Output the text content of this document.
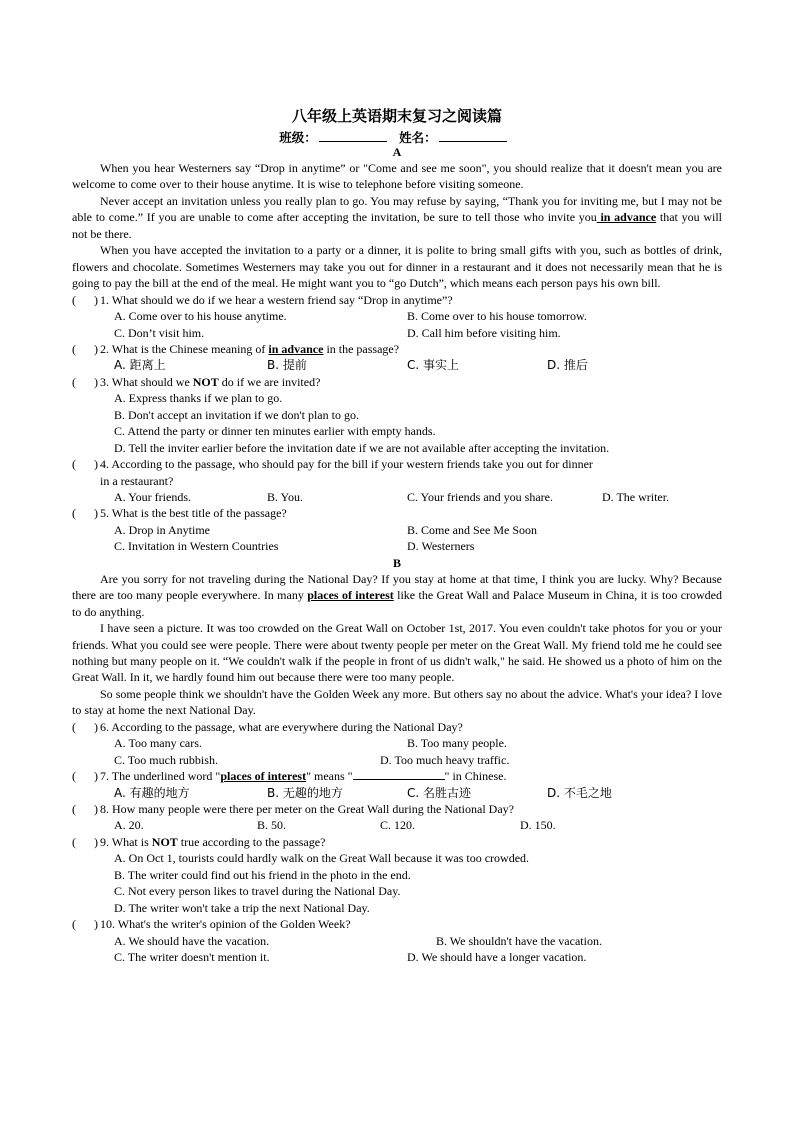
八年级上英语期末复习之阅读篇
班级：	姓名：
A

When you hear Westerners say “Drop in anytime” or "Come and see me soon", you should realize that it doesn't mean you are welcome to come over to their house anytime. It is wise to telephone before visiting someone.

Never accept an invitation unless you really plan to go. You may refuse by saying, “Thank you for inviting me, but I may not be able to come.” If you are unable to come after accepting the invitation, be sure to tell those who invite you in advance that you will not be there.

When you have accepted the invitation to a party or a dinner, it is polite to bring small gifts with you, such as bottles of drink, flowers and chocolate. Sometimes Westerners may take you out for dinner in a restaurant and it does not necessarily mean that he is going to pay the bill at the end of the meal. He might want you to “go Dutch”, which means each person pays his own bill.

(      ) 1. What should we do if we hear a western friend say “Drop in anytime”?

A. Come over to his house anytime.	B. Come over to his house tomorrow.
C. Don’t visit him.	D. Call him before visiting him.

(      ) 2. What is the Chinese meaning of in advance in the passage?

A. 距离上	B. 提前	C. 事实上	D. 推后

(      ) 3. What should we NOT do if we are invited?

A. Express thanks if we plan to go.
B. Don't accept an invitation if we don't plan to go.
C. Attend the party or dinner ten minutes earlier with empty hands.
D. Tell the inviter earlier before the invitation date if we are not available after accepting the invitation.

(      ) 4. According to the passage, who should pay for the bill if your western friends take you out for dinner

in a restaurant?

A. Your friends.	B. You.	C. Your friends and you share.	D. The writer.

(      ) 5. What is the best title of the passage?

A. Drop in Anytime	B. Come and See Me Soon
C. Invitation in Western Countries	D. Westerners
B

Are you sorry for not traveling during the National Day? If you stay at home at that time, I think you are lucky. Why? Because there are too many people everywhere. In many places of interest like the Great Wall and Palace Museum in China, it is too crowded to do anything.

I have seen a picture. It was too crowded on the Great Wall on October 1st, 2017. You even couldn't take photos for you or your friends. What you could see were people. There were about twenty people per meter on the Great Wall. My friend told me he could see nothing but many people on it. “We couldn't walk if the people in front of us didn't walk," he said. He showed us a photo of him on the Great Wall. In it, we hardly found him out because there were too many people.

So some people think we shouldn't have the Golden Week any more. But others say no about the advice. What's your idea? I love to stay at home the next National Day.

(      ) 6. According to the passage, what are everywhere during the National Day?

A. Too many cars.	B. Too many people.
C. Too much rubbish.	D. Too much heavy traffic.

(      ) 7. The underlined word "places of interest" means "	" in Chinese.

A. 有趣的地方	B. 无趣的地方	C. 名胜古迹	D. 不毛之地

(      ) 8. How many people were there per meter on the Great Wall during the National Day?

A. 20.	B. 50.	C. 120.	D. 150.

(      ) 9. What is NOT true according to the passage?

A. On Oct 1, tourists could hardly walk on the Great Wall because it was too crowded.
B. The writer could find out his friend in the photo in the end.
C. Not every person likes to travel during the National Day.
D. The writer won't take a trip the next National Day.

(      ) 10. What's the writer's opinion of the Golden Week?

A. We should have the vacation.	B. We shouldn't have the vacation.
C. The writer doesn't mention it.	D. We should have a longer vacation.
